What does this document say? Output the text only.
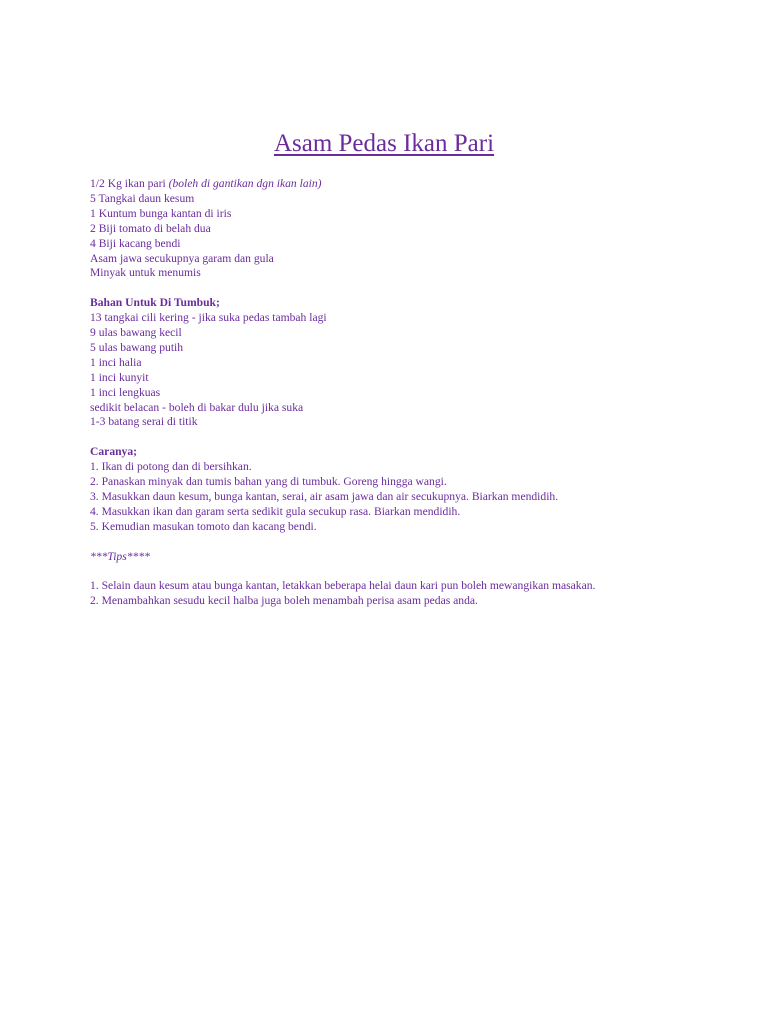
Asam Pedas Ikan Pari
1/2 Kg ikan pari (boleh di gantikan dgn ikan lain)
5 Tangkai daun kesum
1 Kuntum bunga kantan di iris
2 Biji tomato di belah dua
4 Biji kacang bendi
Asam jawa secukupnya garam dan gula
Minyak untuk menumis
Bahan Untuk Di Tumbuk;
13 tangkai cili kering - jika suka pedas tambah lagi
9 ulas bawang kecil
5 ulas bawang putih
1 inci halia
1 inci kunyit
1 inci lengkuas
sedikit belacan - boleh di bakar dulu jika suka
1-3 batang serai di titik
Caranya;
1. Ikan di potong dan di bersihkan.
2. Panaskan minyak dan tumis bahan yang di tumbuk. Goreng hingga wangi.
3. Masukkan daun kesum, bunga kantan, serai, air asam jawa dan air secukupnya. Biarkan mendidih.
4. Masukkan ikan dan garam serta sedikit gula secukup rasa. Biarkan mendidih.
5. Kemudian masukan tomoto dan kacang bendi.
***Tips****
1. Selain daun kesum atau bunga kantan, letakkan beberapa helai daun kari pun boleh mewangikan masakan.
2. Menambahkan sesudu kecil halba juga boleh menambah perisa asam pedas anda.
